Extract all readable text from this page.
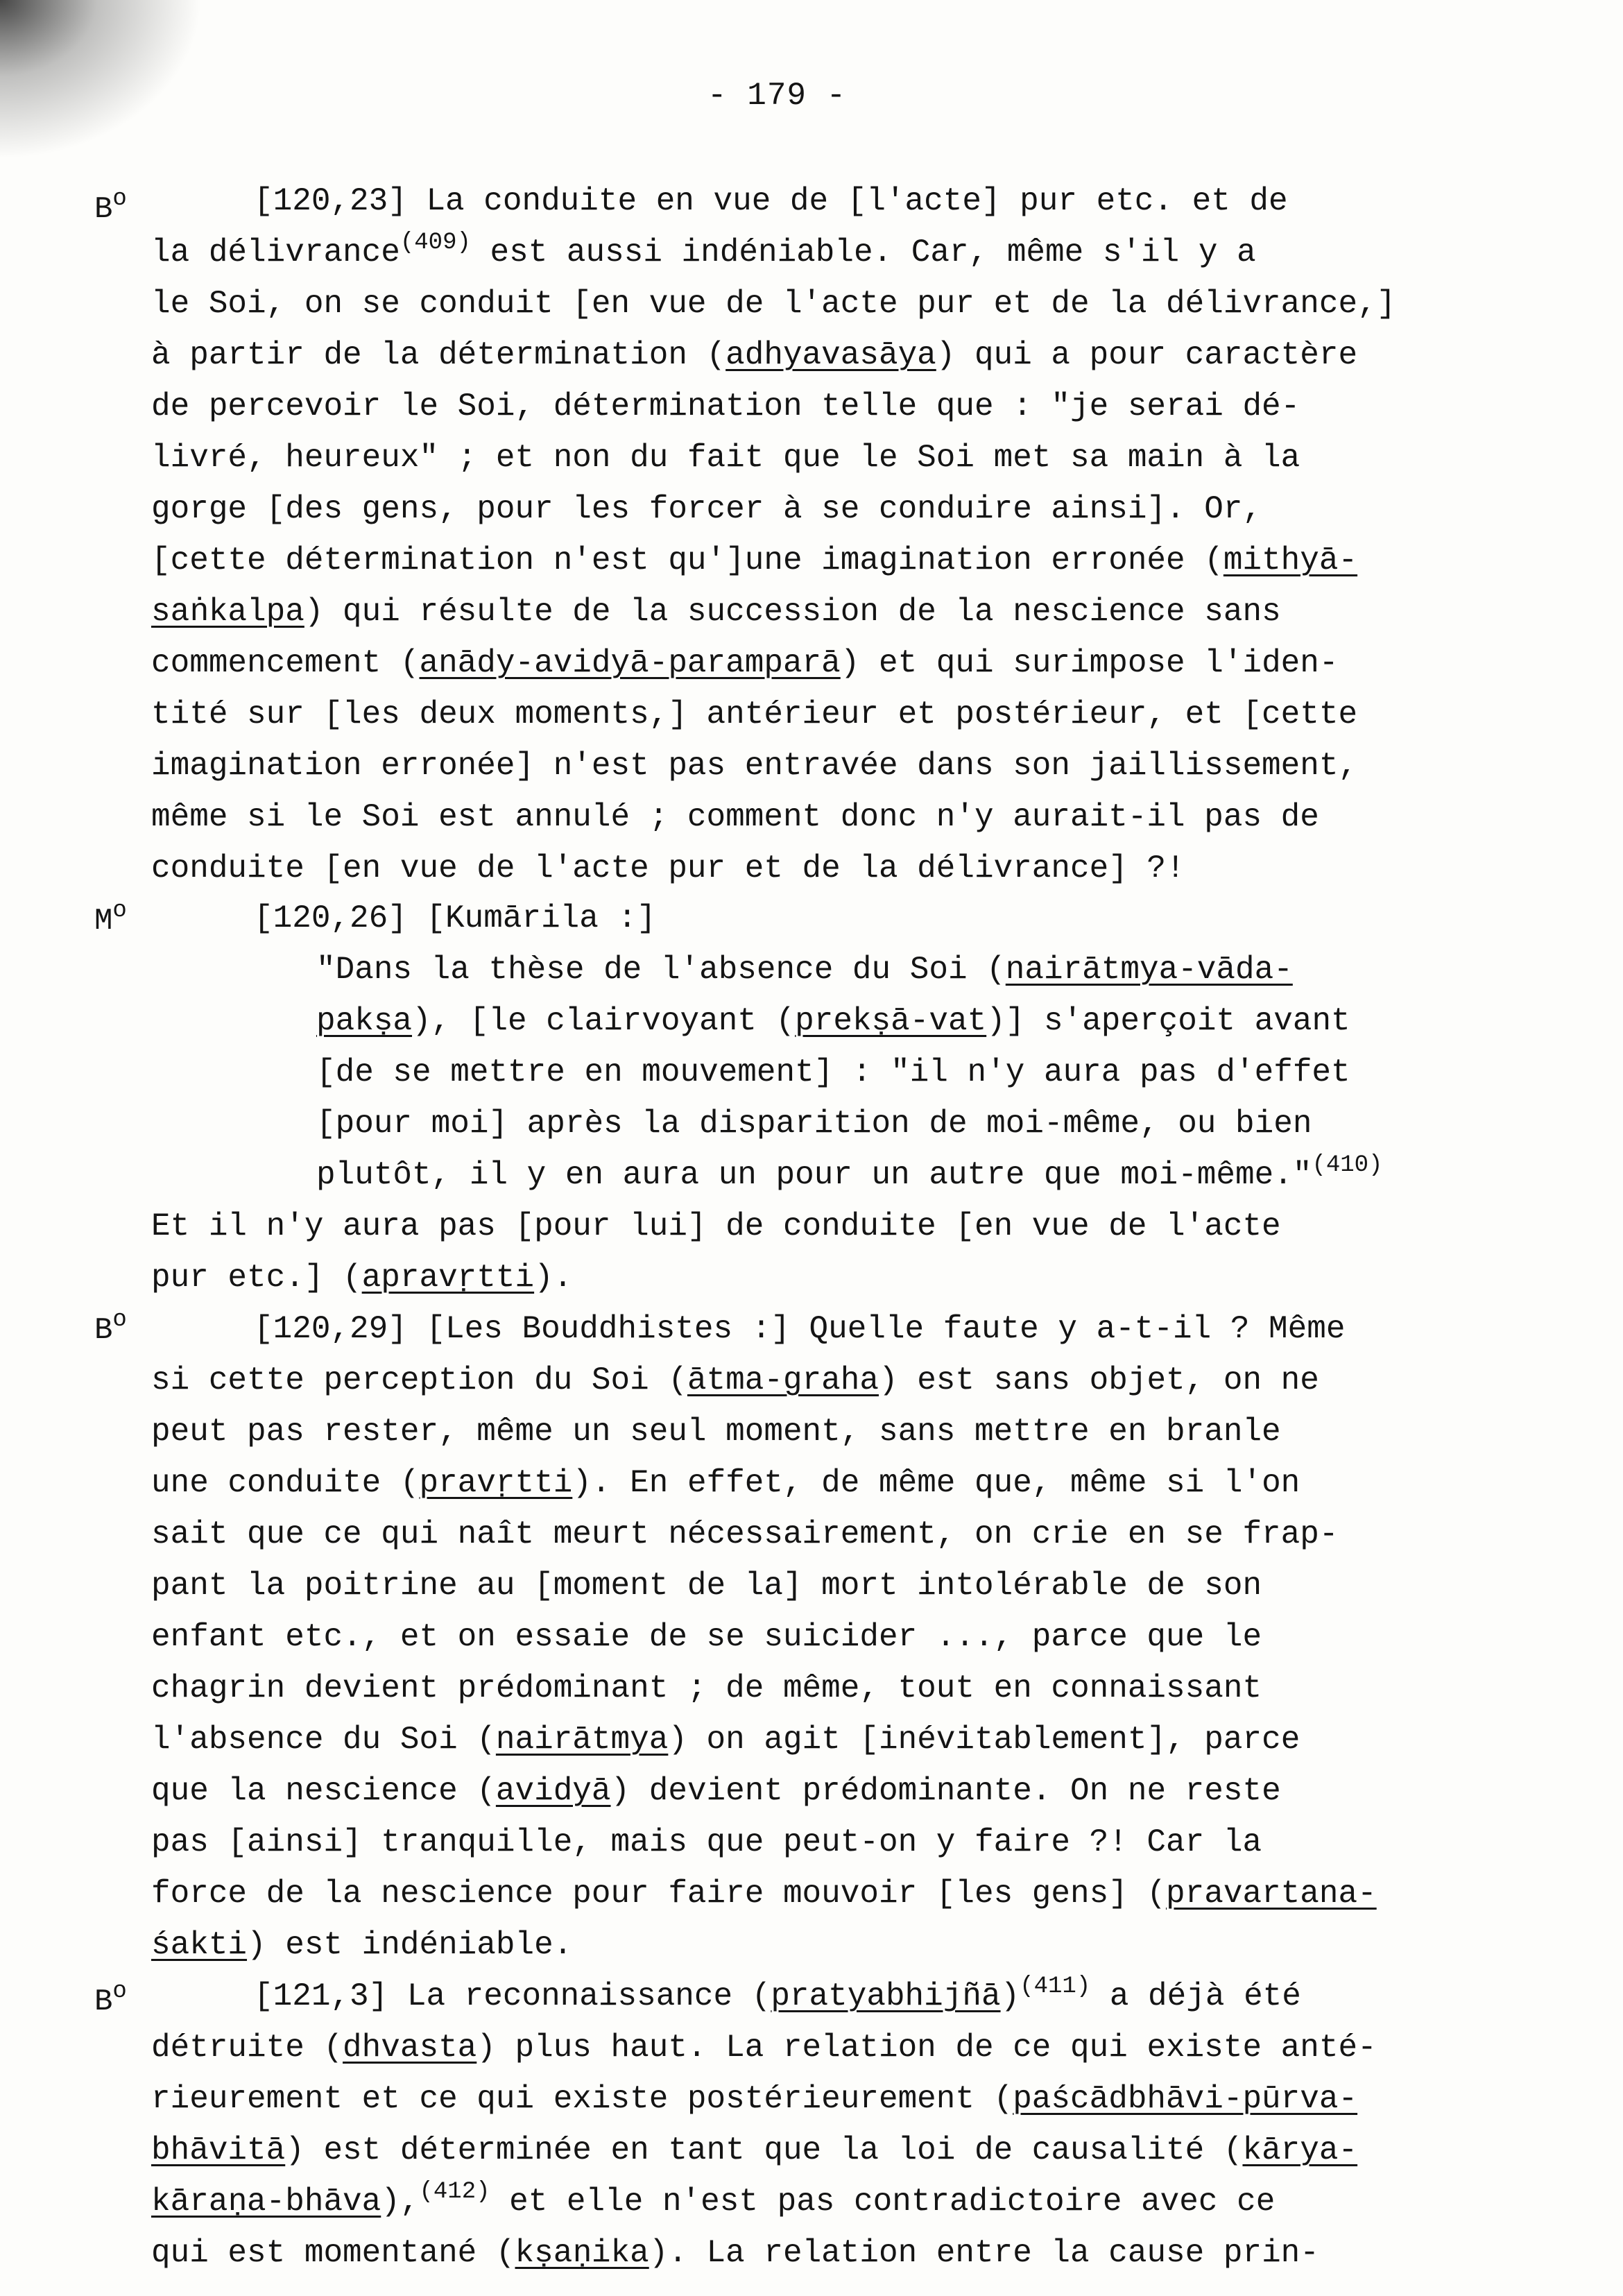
- 179 -
$B^o$	[120,23] La conduite en vue de [l'acte] pur etc. et de
la délivrance$^{(409)}$ est aussi indéniable. Car, même s'il y a
le Soi, on se conduit [en vue de l'acte pur et de la délivrance,]
à partir de la détermination (adhyavasāya) qui a pour caractère
de percevoir le Soi, détermination telle que : "je serai dé-
livré, heureux" ; et non du fait que le Soi met sa main à la
gorge [des gens, pour les forcer à se conduire ainsi]. Or,
[cette détermination n'est qu']une imagination erronée (mithyā-
saṅkalpa) qui résulte de la succession de la nescience sans
commencement (anādy-avidyā-paramparā) et qui surimpose l'iden-
tité sur [les deux moments,] antérieur et postérieur, et [cette
imagination erronée] n'est pas entravée dans son jaillissement,
même si le Soi est annulé ; comment donc n'y aurait-il pas de
conduite [en vue de l'acte pur et de la délivrance] ?!
$M^o$	[120,26] [Kumārila :]
"Dans la thèse de l'absence du Soi (nairātmya-vāda-
pakṣa), [le clairvoyant (prekṣā-vat)] s'aperçoit avant
[de se mettre en mouvement] : "il n'y aura pas d'effet
[pour moi] après la disparition de moi-même, ou bien
plutôt, il y en aura un pour un autre que moi-même."$^{(410)}$
Et il n'y aura pas [pour lui] de conduite [en vue de l'acte
pur etc.] (apravṛtti).
$B^o$	[120,29] [Les Bouddhistes :] Quelle faute y a-t-il ? Même
si cette perception du Soi (ātma-graha) est sans objet, on ne
peut pas rester, même un seul moment, sans mettre en branle
une conduite (pravṛtti). En effet, de même que, même si l'on
sait que ce qui naît meurt nécessairement, on crie en se frap-
pant la poitrine au [moment de la] mort intolérable de son
enfant etc., et on essaie de se suicider ..., parce que le
chagrin devient prédominant ; de même, tout en connaissant
l'absence du Soi (nairātmya) on agit [inévitablement], parce
que la nescience (avidyā) devient prédominante. On ne reste
pas [ainsi] tranquille, mais que peut-on y faire ?! Car la
force de la nescience pour faire mouvoir [les gens] (pravartana-
śakti) est indéniable.
$B^o$	[121,3] La reconnaissance (pratyabhijñā)$^{(411)}$ a déjà été
détruite (dhvasta) plus haut. La relation de ce qui existe anté-
rieurement et ce qui existe postérieurement (paścādbhāvi-pūrva-
bhāvitā) est déterminée en tant que la loi de causalité (kārya-
kāraṇa-bhāva),$^{(412)}$ et elle n'est pas contradictoire avec ce
qui est momentané (kṣaṇika). La relation entre la cause prin-
